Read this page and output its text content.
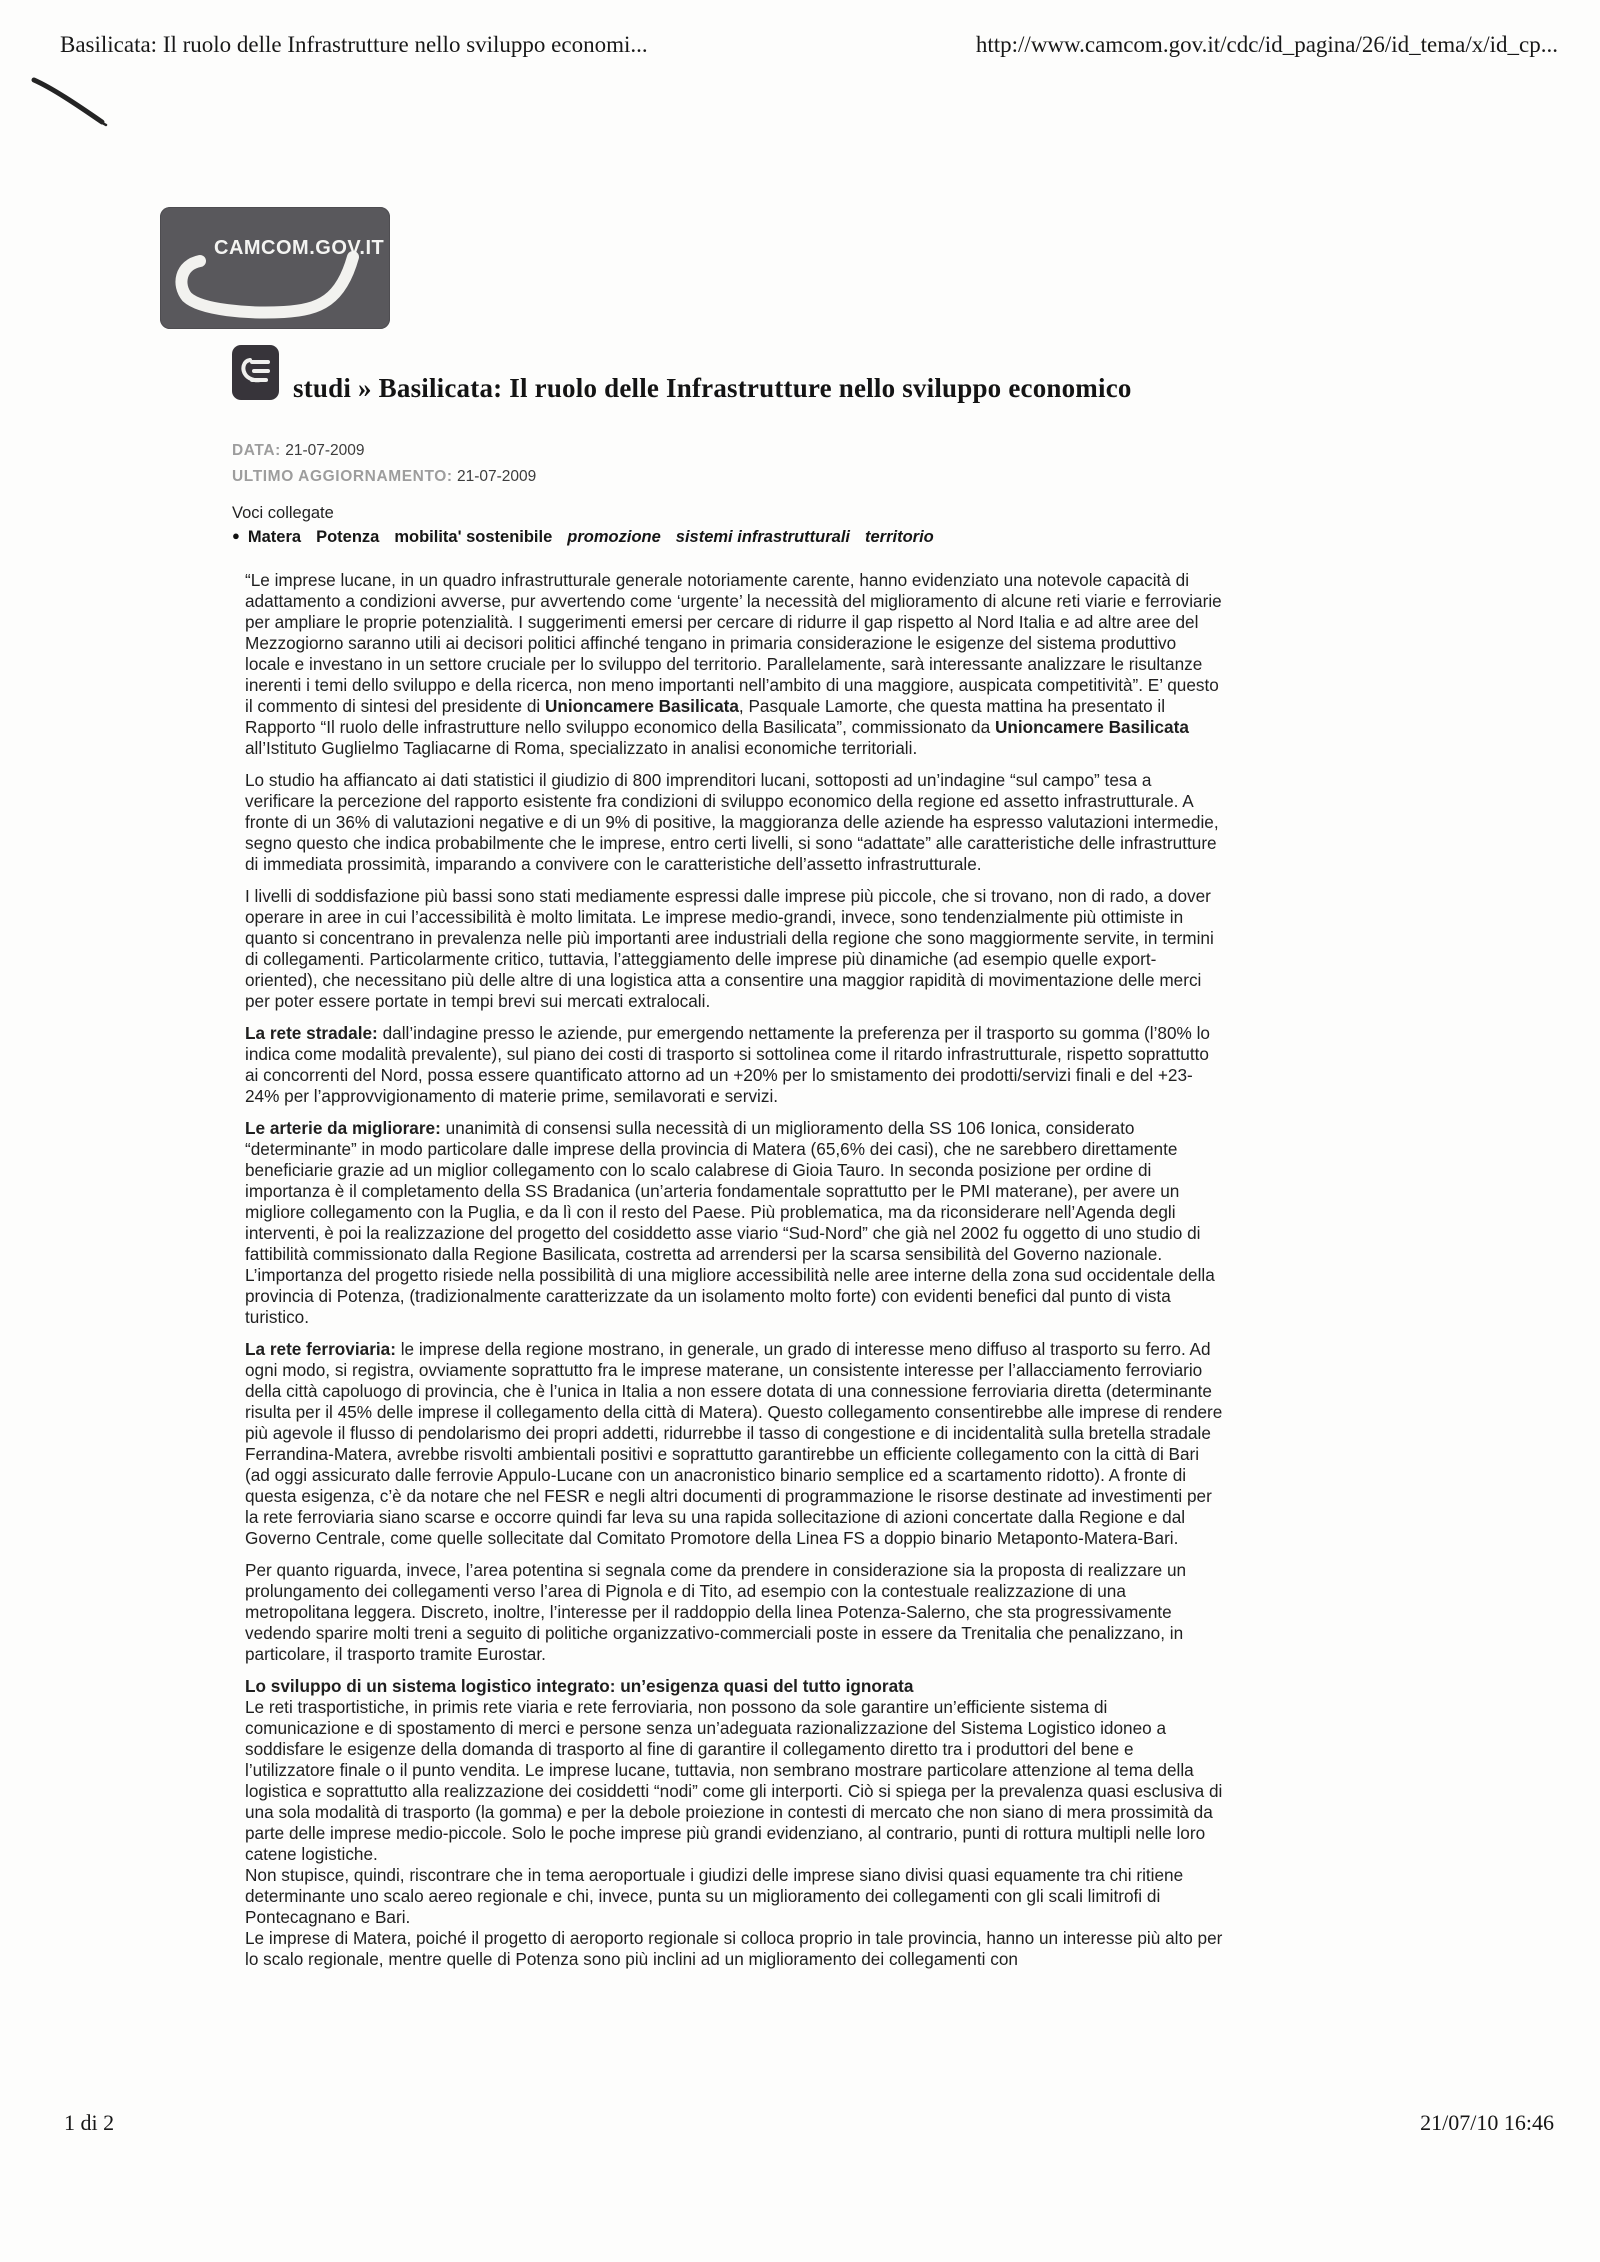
Basilicata: Il ruolo delle Infrastrutture nello sviluppo economi...	http://www.camcom.gov.it/cdc/id_pagina/26/id_tema/x/id_cp...
CAMCOM.GOV.IT
studi » Basilicata: Il ruolo delle Infrastrutture nello sviluppo economico
DATA: 21-07-2009
ULTIMO AGGIORNAMENTO: 21-07-2009
Voci collegate
● Matera Potenza mobilita' sostenibile promozione sistemi infrastrutturali territorio

“Le imprese lucane, in un quadro infrastrutturale generale notoriamente carente, hanno evidenziato una notevole capacità di adattamento a condizioni avverse, pur avvertendo come ‘urgente’ la necessità del miglioramento di alcune reti viarie e ferroviarie per ampliare le proprie potenzialità. I suggerimenti emersi per cercare di ridurre il gap rispetto al Nord Italia e ad altre aree del Mezzogiorno saranno utili ai decisori politici affinché tengano in primaria considerazione le esigenze del sistema produttivo locale e investano in un settore cruciale per lo sviluppo del territorio. Parallelamente, sarà interessante analizzare le risultanze inerenti i temi dello sviluppo e della ricerca, non meno importanti nell’ambito di una maggiore, auspicata competitività”. E’ questo il commento di sintesi del presidente di Unioncamere Basilicata, Pasquale Lamorte, che questa mattina ha presentato il Rapporto “Il ruolo delle infrastrutture nello sviluppo economico della Basilicata”, commissionato da Unioncamere Basilicata all’Istituto Guglielmo Tagliacarne di Roma, specializzato in analisi economiche territoriali.

Lo studio ha affiancato ai dati statistici il giudizio di 800 imprenditori lucani, sottoposti ad un’indagine “sul campo” tesa a verificare la percezione del rapporto esistente fra condizioni di sviluppo economico della regione ed assetto infrastrutturale. A fronte di un 36% di valutazioni negative e di un 9% di positive, la maggioranza delle aziende ha espresso valutazioni intermedie, segno questo che indica probabilmente che le imprese, entro certi livelli, si sono “adattate” alle caratteristiche delle infrastrutture di immediata prossimità, imparando a convivere con le caratteristiche dell’assetto infrastrutturale.

I livelli di soddisfazione più bassi sono stati mediamente espressi dalle imprese più piccole, che si trovano, non di rado, a dover operare in aree in cui l’accessibilità è molto limitata. Le imprese medio-grandi, invece, sono tendenzialmente più ottimiste in quanto si concentrano in prevalenza nelle più importanti aree industriali della regione che sono maggiormente servite, in termini di collegamenti. Particolarmente critico, tuttavia, l’atteggiamento delle imprese più dinamiche (ad esempio quelle export-oriented), che necessitano più delle altre di una logistica atta a consentire una maggior rapidità di movimentazione delle merci per poter essere portate in tempi brevi sui mercati extralocali.

La rete stradale: dall’indagine presso le aziende, pur emergendo nettamente la preferenza per il trasporto su gomma (l’80% lo indica come modalità prevalente), sul piano dei costi di trasporto si sottolinea come il ritardo infrastrutturale, rispetto soprattutto ai concorrenti del Nord, possa essere quantificato attorno ad un +20% per lo smistamento dei prodotti/servizi finali e del +23-24% per l’approvvigionamento di materie prime, semilavorati e servizi.

Le arterie da migliorare: unanimità di consensi sulla necessità di un miglioramento della SS 106 Ionica, considerato “determinante” in modo particolare dalle imprese della provincia di Matera (65,6% dei casi), che ne sarebbero direttamente beneficiarie grazie ad un miglior collegamento con lo scalo calabrese di Gioia Tauro. In seconda posizione per ordine di importanza è il completamento della SS Bradanica (un’arteria fondamentale soprattutto per le PMI materane), per avere un migliore collegamento con la Puglia, e da lì con il resto del Paese. Più problematica, ma da riconsiderare nell’Agenda degli interventi, è poi la realizzazione del progetto del cosiddetto asse viario “Sud-Nord” che già nel 2002 fu oggetto di uno studio di fattibilità commissionato dalla Regione Basilicata, costretta ad arrendersi per la scarsa sensibilità del Governo nazionale. L’importanza del progetto risiede nella possibilità di una migliore accessibilità nelle aree interne della zona sud occidentale della provincia di Potenza, (tradizionalmente caratterizzate da un isolamento molto forte) con evidenti benefici dal punto di vista turistico.

La rete ferroviaria: le imprese della regione mostrano, in generale, un grado di interesse meno diffuso al trasporto su ferro. Ad ogni modo, si registra, ovviamente soprattutto fra le imprese materane, un consistente interesse per l’allacciamento ferroviario della città capoluogo di provincia, che è l’unica in Italia a non essere dotata di una connessione ferroviaria diretta (determinante risulta per il 45% delle imprese il collegamento della città di Matera). Questo collegamento consentirebbe alle imprese di rendere più agevole il flusso di pendolarismo dei propri addetti, ridurrebbe il tasso di congestione e di incidentalità sulla bretella stradale Ferrandina-Matera, avrebbe risvolti ambientali positivi e soprattutto garantirebbe un efficiente collegamento con la città di Bari (ad oggi assicurato dalle ferrovie Appulo-Lucane con un anacronistico binario semplice ed a scartamento ridotto). A fronte di questa esigenza, c’è da notare che nel FESR e negli altri documenti di programmazione le risorse destinate ad investimenti per la rete ferroviaria siano scarse e occorre quindi far leva su una rapida sollecitazione di azioni concertate dalla Regione e dal Governo Centrale, come quelle sollecitate dal Comitato Promotore della Linea FS a doppio binario Metaponto-Matera-Bari.

Per quanto riguarda, invece, l’area potentina si segnala come da prendere in considerazione sia la proposta di realizzare un prolungamento dei collegamenti verso l’area di Pignola e di Tito, ad esempio con la contestuale realizzazione di una metropolitana leggera. Discreto, inoltre, l’interesse per il raddoppio della linea Potenza-Salerno, che sta progressivamente vedendo sparire molti treni a seguito di politiche organizzativo-commerciali poste in essere da Trenitalia che penalizzano, in particolare, il trasporto tramite Eurostar.

Lo sviluppo di un sistema logistico integrato: un’esigenza quasi del tutto ignorata

Le reti trasportistiche, in primis rete viaria e rete ferroviaria, non possono da sole garantire un’efficiente sistema di comunicazione e di spostamento di merci e persone senza un’adeguata razionalizzazione del Sistema Logistico idoneo a soddisfare le esigenze della domanda di trasporto al fine di garantire il collegamento diretto tra i produttori del bene e l’utilizzatore finale o il punto vendita. Le imprese lucane, tuttavia, non sembrano mostrare particolare attenzione al tema della logistica e soprattutto alla realizzazione dei cosiddetti “nodi” come gli interporti. Ciò si spiega per la prevalenza quasi esclusiva di una sola modalità di trasporto (la gomma) e per la debole proiezione in contesti di mercato che non siano di mera prossimità da parte delle imprese medio-piccole. Solo le poche imprese più grandi evidenziano, al contrario, punti di rottura multipli nelle loro catene logistiche.

Non stupisce, quindi, riscontrare che in tema aeroportuale i giudizi delle imprese siano divisi quasi equamente tra chi ritiene determinante uno scalo aereo regionale e chi, invece, punta su un miglioramento dei collegamenti con gli scali limitrofi di Pontecagnano e Bari.

Le imprese di Matera, poiché il progetto di aeroporto regionale si colloca proprio in tale provincia, hanno un interesse più alto per lo scalo regionale, mentre quelle di Potenza sono più inclini ad un miglioramento dei collegamenti con

1 di 2	21/07/10 16:46
